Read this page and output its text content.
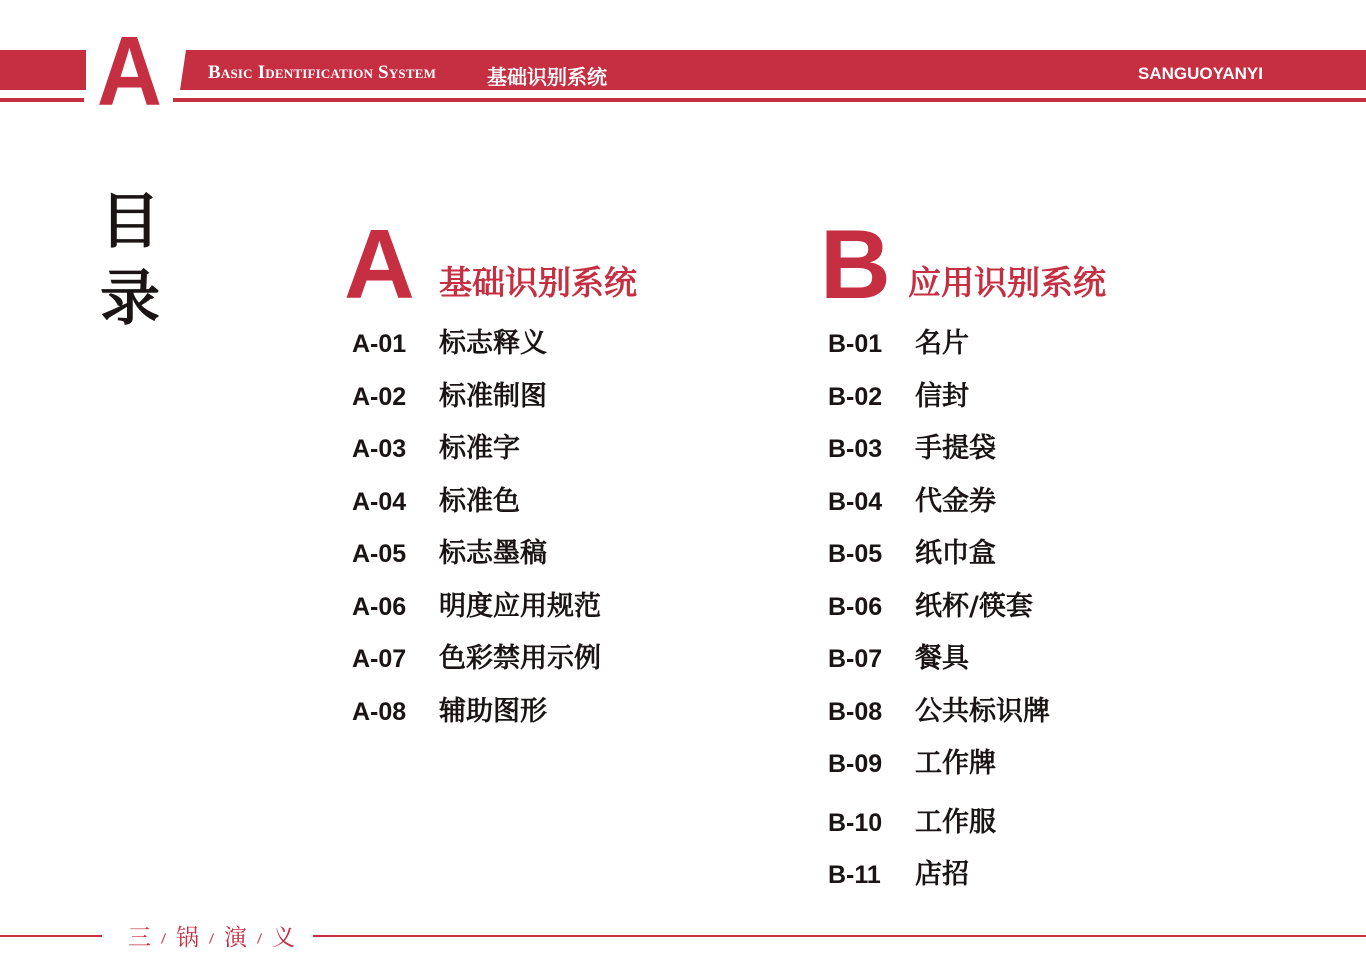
A Basic Identification System	基础识别系统	SANGUOYANYI
目录 A 基础识别系统
A-01	标志释义
A-02	标准制图
A-03	标准字
A-04	标准色
A-05	标志墨稿
A-06	明度应用规范
A-07	色彩禁用示例
A-08	辅助图形
B 应用识别系统
B-01	名片
B-02	信封
B-03	手提袋
B-04	代金券
B-05	纸巾盒
B-06	纸杯/筷套
B-07	餐具
B-08	公共标识牌
B-09	工作牌
B-10	工作服
B-11	店招
三 锅 演 义
